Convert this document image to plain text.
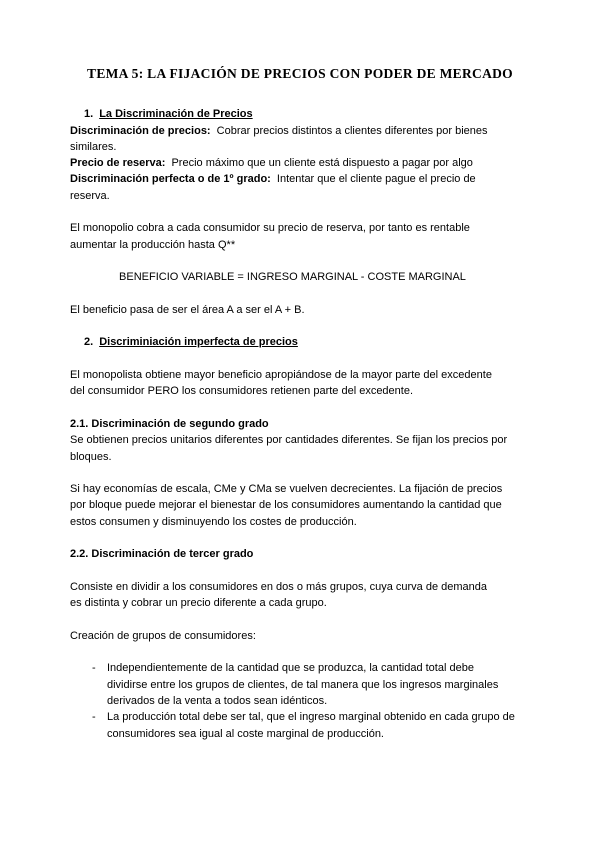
TEMA 5: LA FIJACIÓN DE PRECIOS CON PODER DE MERCADO
1. La Discriminación de Precios

Discriminación de precios: Cobrar precios distintos a clientes diferentes por bienes similares.

Precio de reserva: Precio máximo que un cliente está dispuesto a pagar por algo

Discriminación perfecta o de 1º grado: Intentar que el cliente pague el precio de reserva.

El monopolio cobra a cada consumidor su precio de reserva, por tanto es rentable aumentar la producción hasta Q**

BENEFICIO VARIABLE = INGRESO MARGINAL - COSTE MARGINAL

El beneficio pasa de ser el área A a ser el A + B.

2. Discriminiación imperfecta de precios

El monopolista obtiene mayor beneficio apropiándose de la mayor parte del excedente del consumidor PERO los consumidores retienen parte del excedente.

2.1. Discriminación de segundo grado

Se obtienen precios unitarios diferentes por cantidades diferentes. Se fijan los precios por bloques.

Si hay economías de escala, CMe y CMa se vuelven decrecientes. La fijación de precios por bloque puede mejorar el bienestar de los consumidores aumentando la cantidad que estos consumen y disminuyendo los costes de producción.

2.2. Discriminación de tercer grado

Consiste en dividir a los consumidores en dos o más grupos, cuya curva de demanda es distinta y cobrar un precio diferente a cada grupo.

Creación de grupos de consumidores:

-	Independientemente de la cantidad que se produzca, la cantidad total debe dividirse entre los grupos de clientes, de tal manera que los ingresos marginales derivados de la venta a todos sean idénticos.
-	La producción total debe ser tal, que el ingreso marginal obtenido en cada grupo de consumidores sea igual al coste marginal de producción.
